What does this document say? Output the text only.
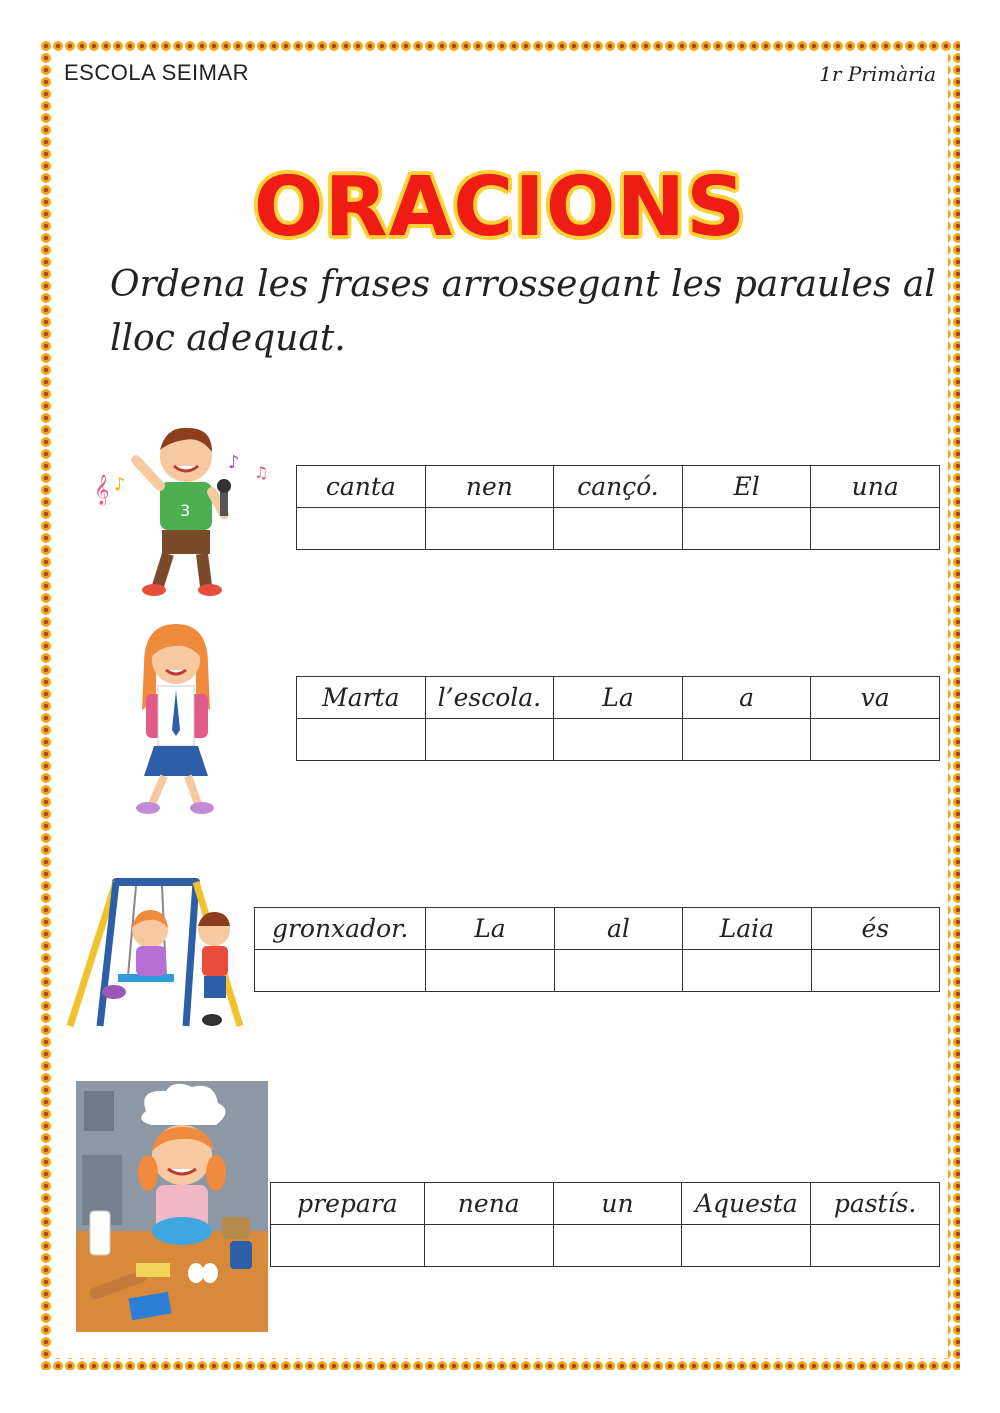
ESCOLA SEIMAR	1r Primària
ORACIONS
Ordena les frases arrossegant les paraules al lloc adequat.
𝄞 ♪
♪ ♫
3
canta	nen	cançó.	El	una

Marta	l’escola.	La	a	va

gronxador.	La	al	Laia	és

prepara	nena	un	Aquesta	pastís.
